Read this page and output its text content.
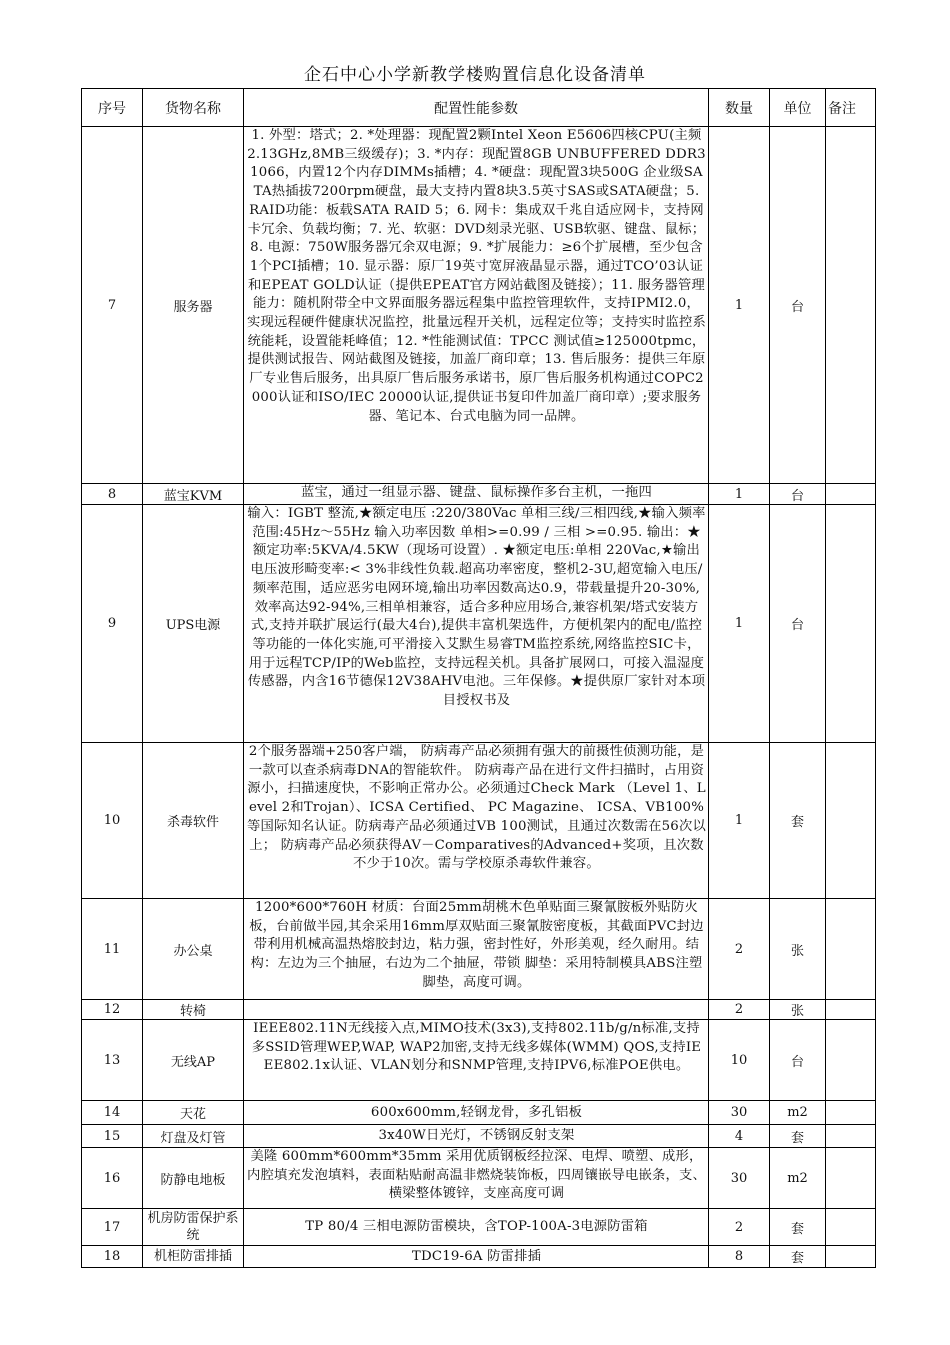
企石中心小学新教学楼购置信息化设备清单
序号	货物名称	配置性能参数	数量	单位	备注
7	服务器	1. 外型：塔式；2. *处理器：现配置2颗Intel Xeon E5606四核CPU(主频2.13GHz,8MB三级缓存)；3. *内存：现配置8GB UNBUFFERED DDR3 1066，内置12个内存DIMMs插槽；4. *硬盘：现配置3块500G 企业级SATA热插拔7200rpm硬盘，最大支持内置8块3.5英寸SAS或SATA硬盘；5. RAID功能：板载SATA RAID 5；6. 网卡：集成双千兆自适应网卡，支持网卡冗余、负载均衡；7. 光、软驱：DVD刻录光驱、USB软驱、键盘、鼠标；8. 电源：750W服务器冗余双电源；9. *扩展能力：≥6个扩展槽，至少包含1个PCI插槽；10. 显示器：原厂19英寸宽屏液晶显示器，通过TCO’03认证和EPEAT GOLD认证（提供EPEAT官方网站截图及链接）；11. 服务器管理能力：随机附带全中文界面服务器远程集中监控管理软件，支持IPMI2.0，实现远程硬件健康状况监控，批量远程开关机，远程定位等；支持实时监控系统能耗，设置能耗峰值；12. *性能测试值：TPCC 测试值≥125000tpmc，提供测试报告、网站截图及链接，加盖厂商印章；13. 售后服务：提供三年原厂专业售后服务，出具原厂售后服务承诺书，原厂售后服务机构通过COPC2000认证和ISO/IEC 20000认证,提供证书复印件加盖厂商印章）;要求服务器、笔记本、台式电脑为同一品牌。	1	台	
8	蓝宝KVM	蓝宝，通过一组显示器、键盘、鼠标操作多台主机，一拖四	1	台	
9	UPS电源	输入：IGBT 整流,★额定电压 :220/380Vac 单相三线/三相四线,★输入频率范围:45Hz～55Hz 输入功率因数 单相>=0.99 / 三相 >=0.95. 输出：★额定功率:5KVA/4.5KW（现场可设置）. ★额定电压:单相 220Vac,★输出电压波形畸变率:< 3%非线性负载.超高功率密度，整机2-3U,超宽输入电压/频率范围，适应恶劣电网环境,输出功率因数高达0.9，带载量提升20-30%,效率高达92-94%,三相单相兼容，适合多种应用场合,兼容机架/塔式安装方式,支持并联扩展运行(最大4台),提供丰富机架选件，方便机架内的配电/监控等功能的一体化实施,可平滑接入艾默生易睿TM监控系统,网络监控SIC卡，用于远程TCP/IP的Web监控，支持远程关机。具备扩展网口，可接入温湿度传感器，内含16节德保12V38AHV电池。三年保修。★提供原厂家针对本项目授权书及	1	台	
10	杀毒软件	2个服务器端+250客户端， 防病毒产品必须拥有强大的前摄性侦测功能，是一款可以查杀病毒DNA的智能软件。 防病毒产品在进行文件扫描时，占用资源小，扫描速度快，不影响正常办公。必须通过Check Mark （Level 1、Level 2和Trojan）、ICSA Certified、 PC Magazine、 ICSA、VB100%等国际知名认证。防病毒产品必须通过VB 100测试，且通过次数需在56次以上； 防病毒产品必须获得AV－Comparatives的Advanced+奖项，且次数不少于10次。需与学校原杀毒软件兼容。	1	套	
11	办公桌	1200*600*760H 材质：台面25mm胡桃木色单贴面三聚氰胺板外贴防火板，台前做半园,其余采用16mm厚双贴面三聚氰胺密度板，其截面PVC封边带利用机械高温热熔胶封边，粘力强，密封性好，外形美观，经久耐用。结构：左边为三个抽屉，右边为二个抽屉，带锁 脚垫：采用特制模具ABS注塑脚垫，高度可调。	2	张	
12	转椅		2	张	
13	无线AP	IEEE802.11N无线接入点,MIMO技术(3x3),支持802.11b/g/n标准,支持多SSID管理WEP,WAP, WAP2加密,支持无线多媒体(WMM) QOS,支持IEEE802.1x认证、VLAN划分和SNMP管理,支持IPV6,标准POE供电。	10	台	
14	天花	600x600mm,轻钢龙骨，多孔铝板	30	m2	
15	灯盘及灯管	3x40W日光灯，不锈钢反射支架	4	套	
16	防静电地板	美隆 600mm*600mm*35mm 采用优质钢板经拉深、电焊、喷塑、成形，内腔填充发泡填料，表面粘贴耐高温非燃烧装饰板，四周镶嵌导电嵌条，支、横梁整体镀锌，支座高度可调	30	m2	
17	机房防雷保护系统	TP 80/4 三相电源防雷模块，含TOP-100A-3电源防雷箱	2	套	
18	机柜防雷排插	TDC19-6A 防雷排插	8	套	
